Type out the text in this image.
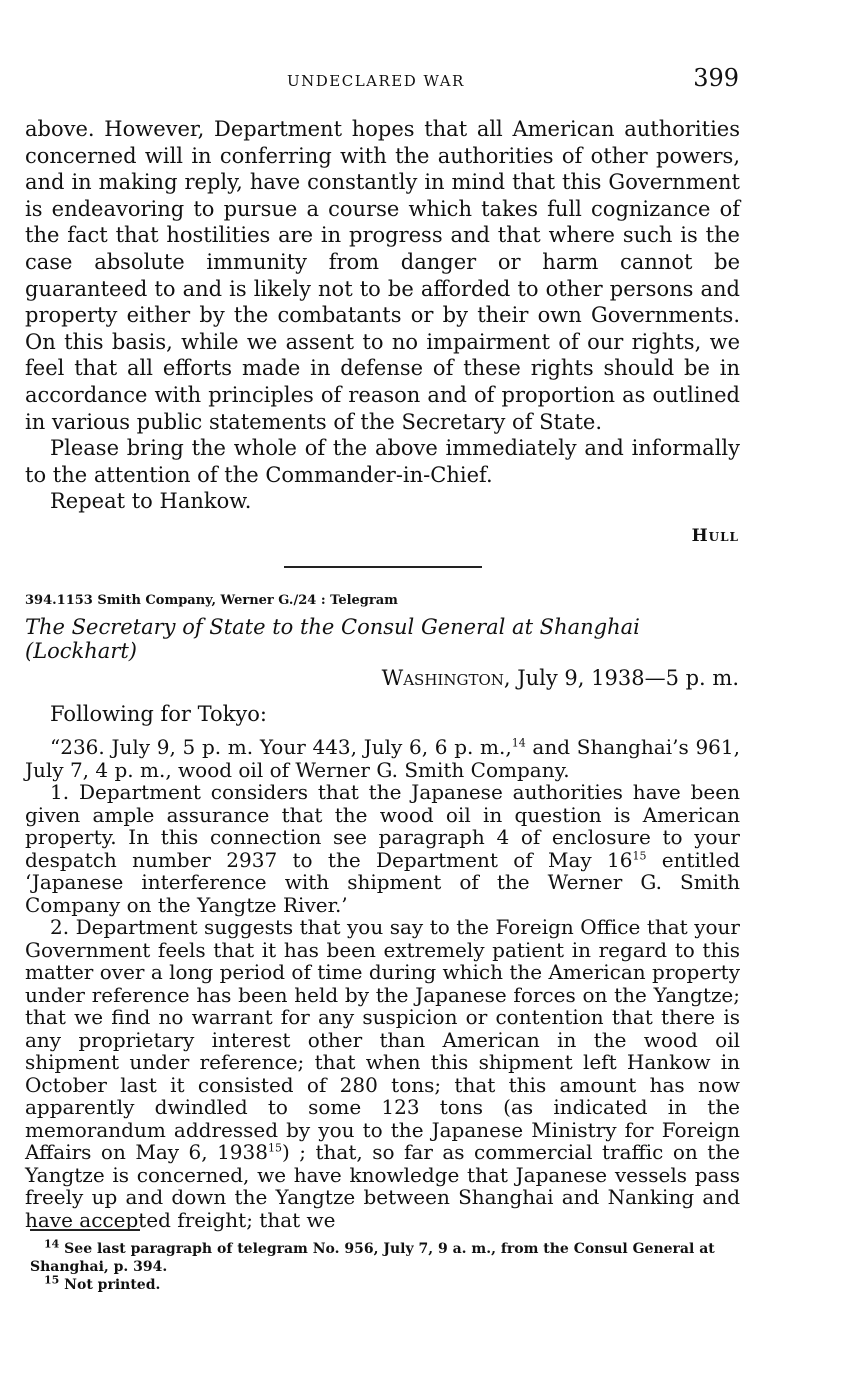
UNDECLARED WAR	399

above. However, Department hopes that all American authorities concerned will in conferring with the authorities of other powers, and in making reply, have constantly in mind that this Government is endeavoring to pursue a course which takes full cognizance of the fact that hostilities are in progress and that where such is the case absolute immunity from danger or harm cannot be guaranteed to and is likely not to be afforded to other persons and property either by the combatants or by their own Governments. On this basis, while we assent to no impairment of our rights, we feel that all efforts made in defense of these rights should be in accordance with principles of reason and of proportion as outlined in various public statements of the Secretary of State.

Please bring the whole of the above immediately and informally to the attention of the Commander-in-Chief.

Repeat to Hankow.

Hull
394.1153 Smith Company, Werner G./24 : Telegram
The Secretary of State to the Consul General at Shanghai (Lockhart)
Washington, July 9, 1938—5 p. m.
Following for Tokyo:

“236. July 9, 5 p. m. Your 443, July 6, 6 p. m.,$^{14}$ and Shanghai’s 961, July 7, 4 p. m., wood oil of Werner G. Smith Company.

1. Department considers that the Japanese authorities have been given ample assurance that the wood oil in question is American property. In this connection see paragraph 4 of enclosure to your despatch number 2937 to the Department of May $16^{15}$ entitled ‘Japanese interference with shipment of the Werner G. Smith Company on the Yangtze River.’

2. Department suggests that you say to the Foreign Office that your Government feels that it has been extremely patient in regard to this matter over a long period of time during which the American property under reference has been held by the Japanese forces on the Yangtze; that we find no warrant for any suspicion or contention that there is any proprietary interest other than American in the wood oil shipment under reference; that when this shipment left Hankow in October last it consisted of 280 tons; that this amount has now apparently dwindled to some 123 tons (as indicated in the memorandum addressed by you to the Japanese Ministry for Foreign Affairs on May 6, 1938$^{15}$) ; that, so far as commercial traffic on the Yangtze is concerned, we have knowledge that Japanese vessels pass freely up and down the Yangtze between Shanghai and Nanking and have accepted freight; that we

$^{14}$ See last paragraph of telegram No. 956, July 7, 9 a. m., from the Consul General at Shanghai, p. 394.

$^{15}$ Not printed.
